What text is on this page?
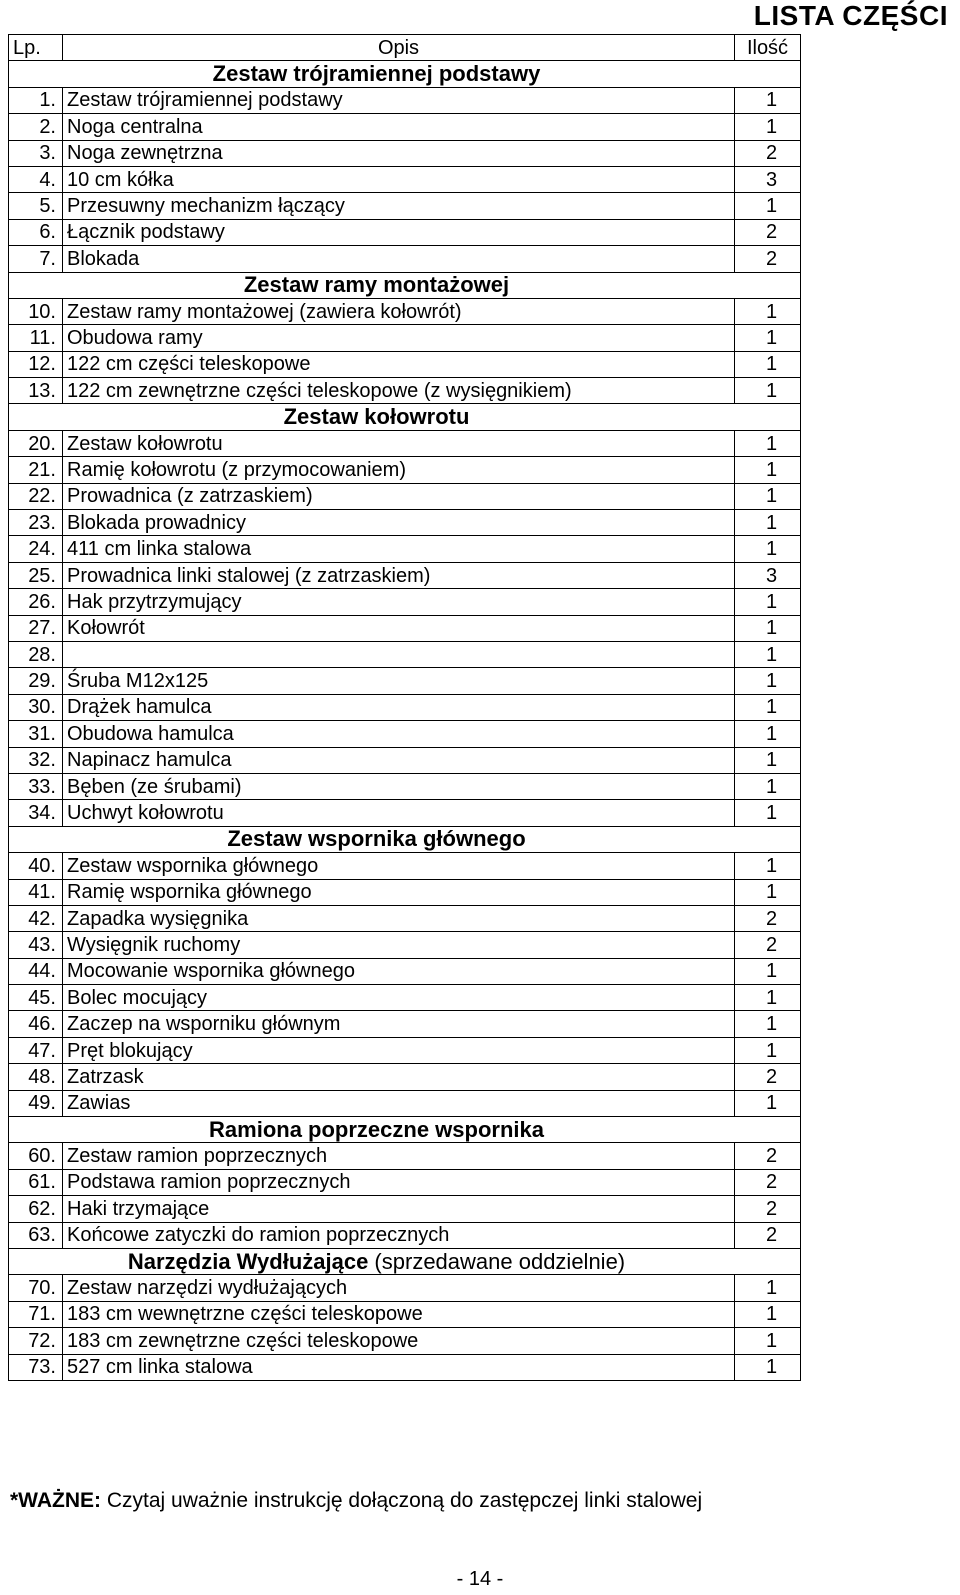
LISTA CZĘŚCI
Lp.	Opis	Ilość
Zestaw trójramiennej podstawy		
1.	Zestaw trójramiennej podstawy	1
2.	Noga centralna	1
3.	Noga zewnętrzna	2
4.	10 cm kółka	3
5.	Przesuwny mechanizm łączący	1
6.	Łącznik podstawy	2
7.	Blokada	2
Zestaw ramy montażowej		
10.	Zestaw ramy montażowej (zawiera kołowrót)	1
11.	Obudowa ramy	1
12.	122 cm części teleskopowe	1
13.	122 cm zewnętrzne części teleskopowe (z wysięgnikiem)	1
Zestaw kołowrotu		
20.	Zestaw kołowrotu	1
21.	Ramię kołowrotu (z przymocowaniem)	1
22.	Prowadnica (z zatrzaskiem)	1
23.	Blokada prowadnicy	1
24.	411 cm linka stalowa	1
25.	Prowadnica linki stalowej (z zatrzaskiem)	3
26.	Hak przytrzymujący	1
27.	Kołowrót	1
28.		1
29.	Śruba M12x125	1
30.	Drążek hamulca	1
31.	Obudowa hamulca	1
32.	Napinacz hamulca	1
33.	Bęben (ze śrubami)	1
34.	Uchwyt kołowrotu	1
Zestaw wspornika głównego		
40.	Zestaw wspornika głównego	1
41.	Ramię wspornika głównego	1
42.	Zapadka wysięgnika	2
43.	Wysięgnik ruchomy	2
44.	Mocowanie wspornika głównego	1
45.	Bolec mocujący	1
46.	Zaczep na wsporniku głównym	1
47.	Pręt blokujący	1
48.	Zatrzask	2
49.	Zawias	1
Ramiona poprzeczne wspornika		
60.	Zestaw ramion poprzecznych	2
61.	Podstawa ramion poprzecznych	2
62.	Haki trzymające	2
63.	Końcowe zatyczki do ramion poprzecznych	2
Narzędzia Wydłużające (sprzedawane oddzielnie)		
70.	Zestaw narzędzi wydłużających	1
71.	183 cm wewnętrzne części teleskopowe	1
72.	183 cm zewnętrzne części teleskopowe	1
73.	527 cm linka stalowa	1
*WAŻNE: Czytaj uważnie instrukcję dołączoną do zastępczej linki stalowej
- 14 -
